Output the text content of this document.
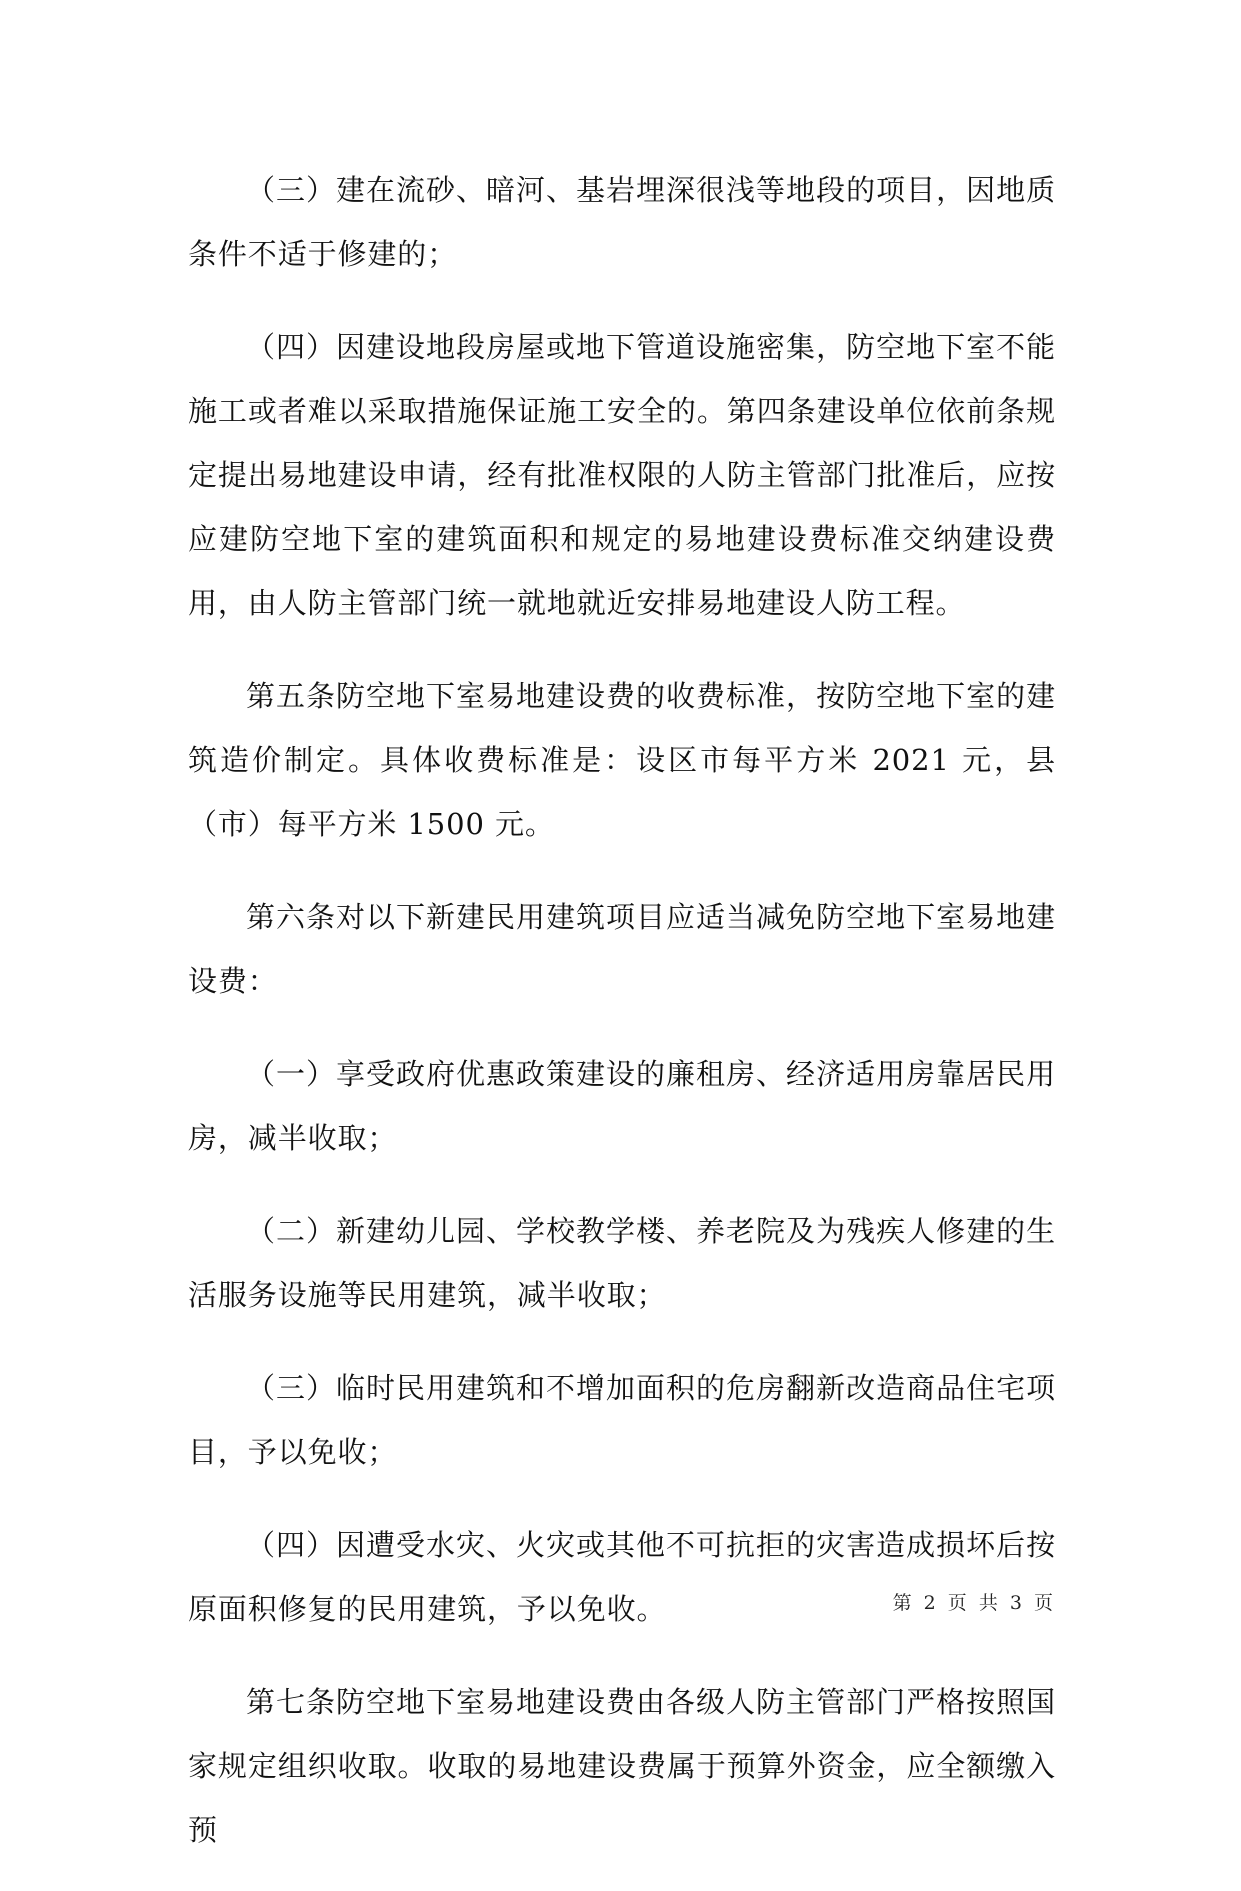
（三）建在流砂、暗河、基岩埋深很浅等地段的项目，因地质条件不适于修建的；

（四）因建设地段房屋或地下管道设施密集，防空地下室不能施工或者难以采取措施保证施工安全的。第四条建设单位依前条规定提出易地建设申请，经有批准权限的人防主管部门批准后，应按应建防空地下室的建筑面积和规定的易地建设费标准交纳建设费用，由人防主管部门统一就地就近安排易地建设人防工程。

第五条防空地下室易地建设费的收费标准，按防空地下室的建筑造价制定。具体收费标准是：设区市每平方米 2021 元，县（市）每平方米 1500 元。

第六条对以下新建民用建筑项目应适当减免防空地下室易地建设费：

（一）享受政府优惠政策建设的廉租房、经济适用房靠居民用房，减半收取；

（二）新建幼儿园、学校教学楼、养老院及为残疾人修建的生活服务设施等民用建筑，减半收取；

（三）临时民用建筑和不增加面积的危房翻新改造商品住宅项目，予以免收；

（四）因遭受水灾、火灾或其他不可抗拒的灾害造成损坏后按原面积修复的民用建筑，予以免收。

第七条防空地下室易地建设费由各级人防主管部门严格按照国家规定组织收取。收取的易地建设费属于预算外资金，应全额缴入预

第 2 页 共 3 页
